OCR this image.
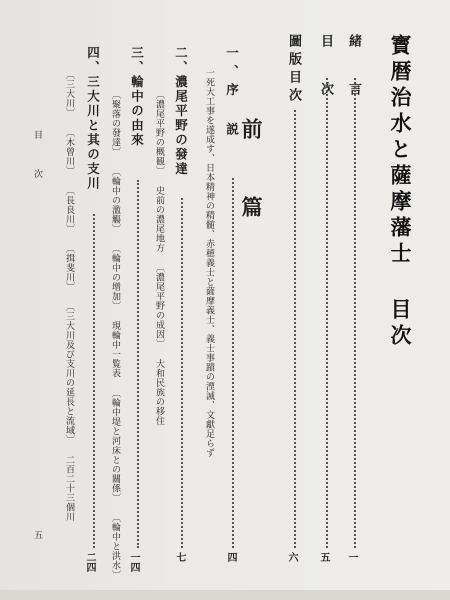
寳暦治水と薩摩藩士 目次
緒 言
一
目 次
五
圖版目次
六
前 篇
一、序 説
四
一死大工事を遂成す、日本精神の精髄、赤穂義士と薩摩義士、義士事蹟の湮滅、文獻足らず
二、濃尾平野の發達
七
〔濃尾平野の概観〕 史前の濃尾地方 〔濃尾平野の成因〕 大和民族の移住
三、輪中の由來
一四
〔聚落の發達〕 〔輪中の濫觴〕 〔輪中の增加〕 現輪中一覧表 〔輪中堤と河床との關係〕 〔輪中と洪水〕
四、三大川と其の支川
二四
〔三大川〕 〔木曾川〕 〔長良川〕 〔揖斐川〕 〔三大川及び支川の延長と流域〕 二百二十三個川
目 次
五
